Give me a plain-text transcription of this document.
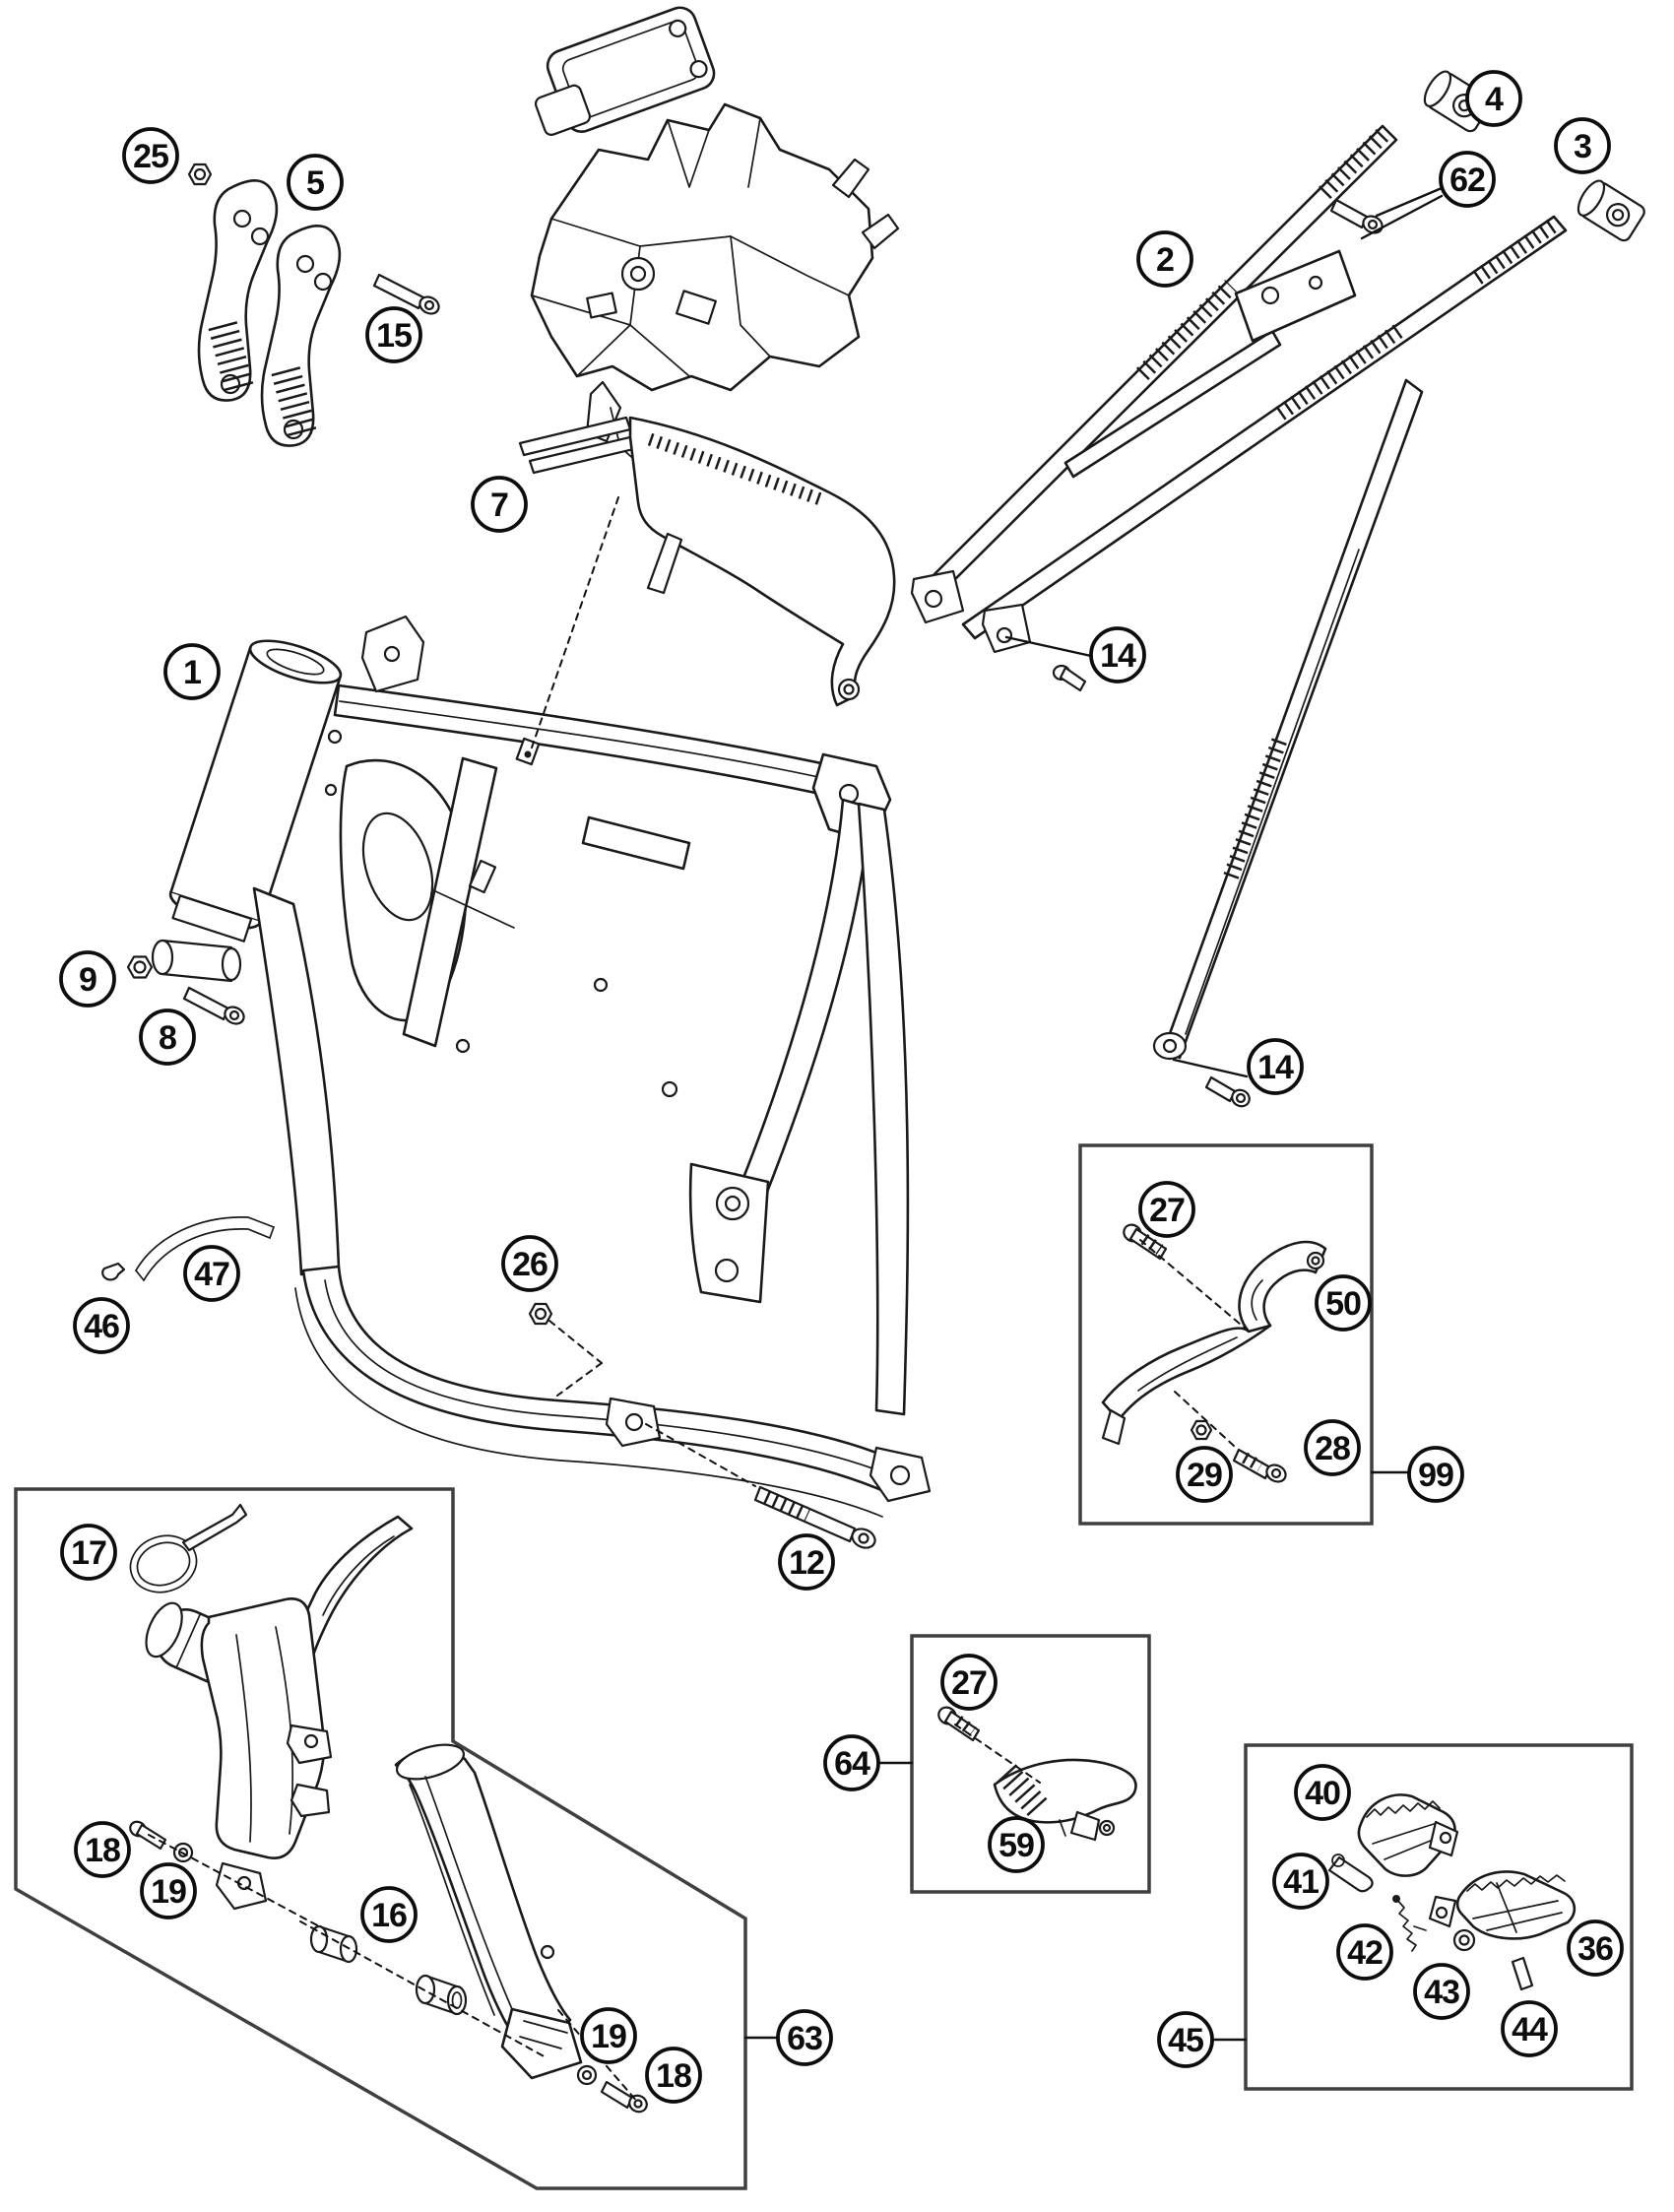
25
5
15
4
3
62
2
7
1	14
9
8
14
27
47	26
50
46
28
29	99
17	12
27
64
40
59
18
41
19
16
36
42
43
44
19	63	45
18
